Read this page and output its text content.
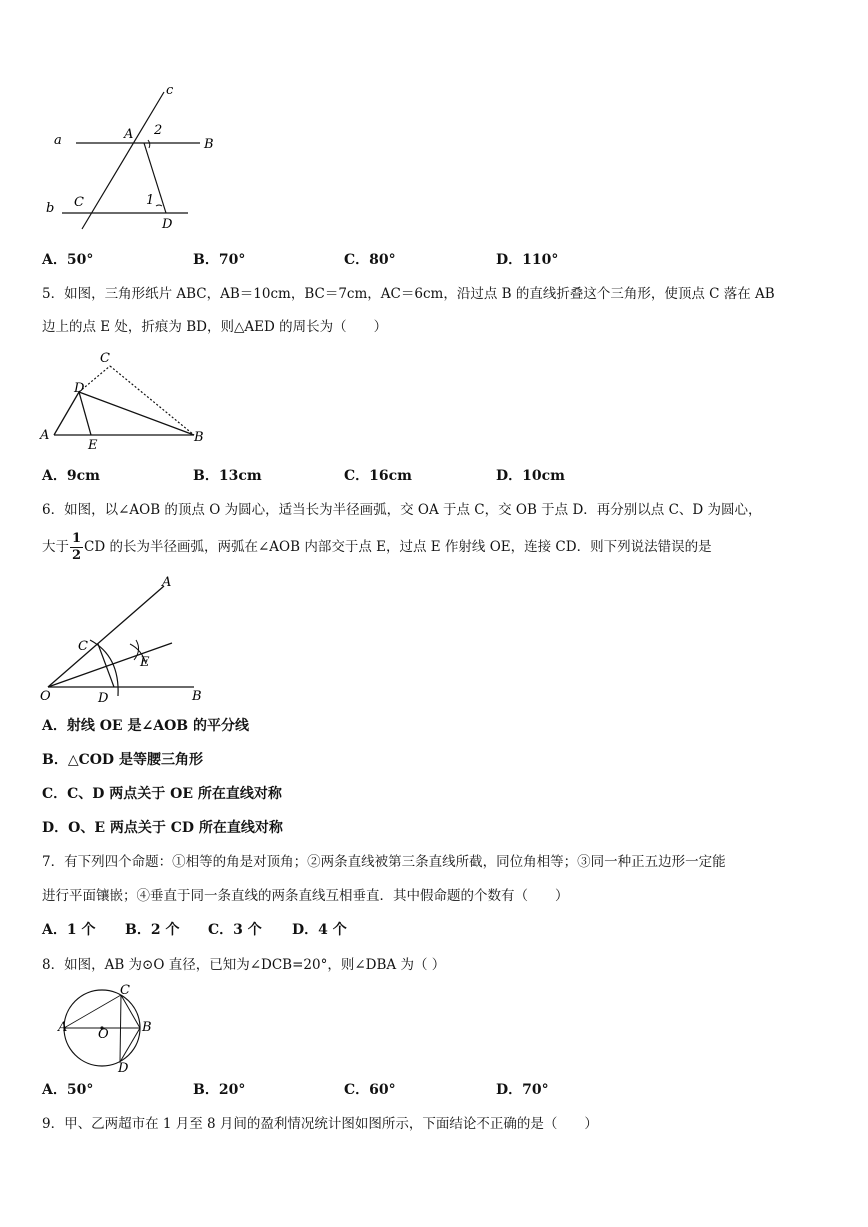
c
a	A 2
B
b C	1
D
A．50°	B．70°	C．80°	D．110°
5．如图，三角形纸片 ABC，AB＝10cm，BC＝7cm，AC＝6cm，沿过点 B 的直线折叠这个三角形，使顶点 C 落在 AB
边上的点 E 处，折痕为 BD，则△AED 的周长为（　　）
C
D
A
E
B
A．9cm	B．13cm	C．16cm	D．10cm
6．如图，以∠AOB 的顶点 O 为圆心，适当长为半径画弧，交 OA 于点 C，交 OB 于点 D．再分别以点 C、D 为圆心，
大于 $\frac{1}{2}$ CD 的长为半径画弧，两弧在∠AOB 内部交于点 E，过点 E 作射线 OE，连接 CD．则下列说法错误的是
A
C
E
O	D	B
A．射线 OE 是∠AOB 的平分线
B．△COD 是等腰三角形
C．C、D 两点关于 OE 所在直线对称
D．O、E 两点关于 CD 所在直线对称
7．有下列四个命题：①相等的角是对顶角；②两条直线被第三条直线所截，同位角相等；③同一种正五边形一定能
进行平面镶嵌；④垂直于同一条直线的两条直线互相垂直．其中假命题的个数有（　　）
A．1 个 B．2 个 C．3 个 D．4 个
8．如图，AB 为⊙O 直径，已知为∠DCB=20°，则∠DBA 为（ ）
C
A O	B
D
A．50°	B．20°	C．60°	D．70°
9．甲、乙两超市在 1 月至 8 月间的盈利情况统计图如图所示，下面结论不正确的是（　　）
